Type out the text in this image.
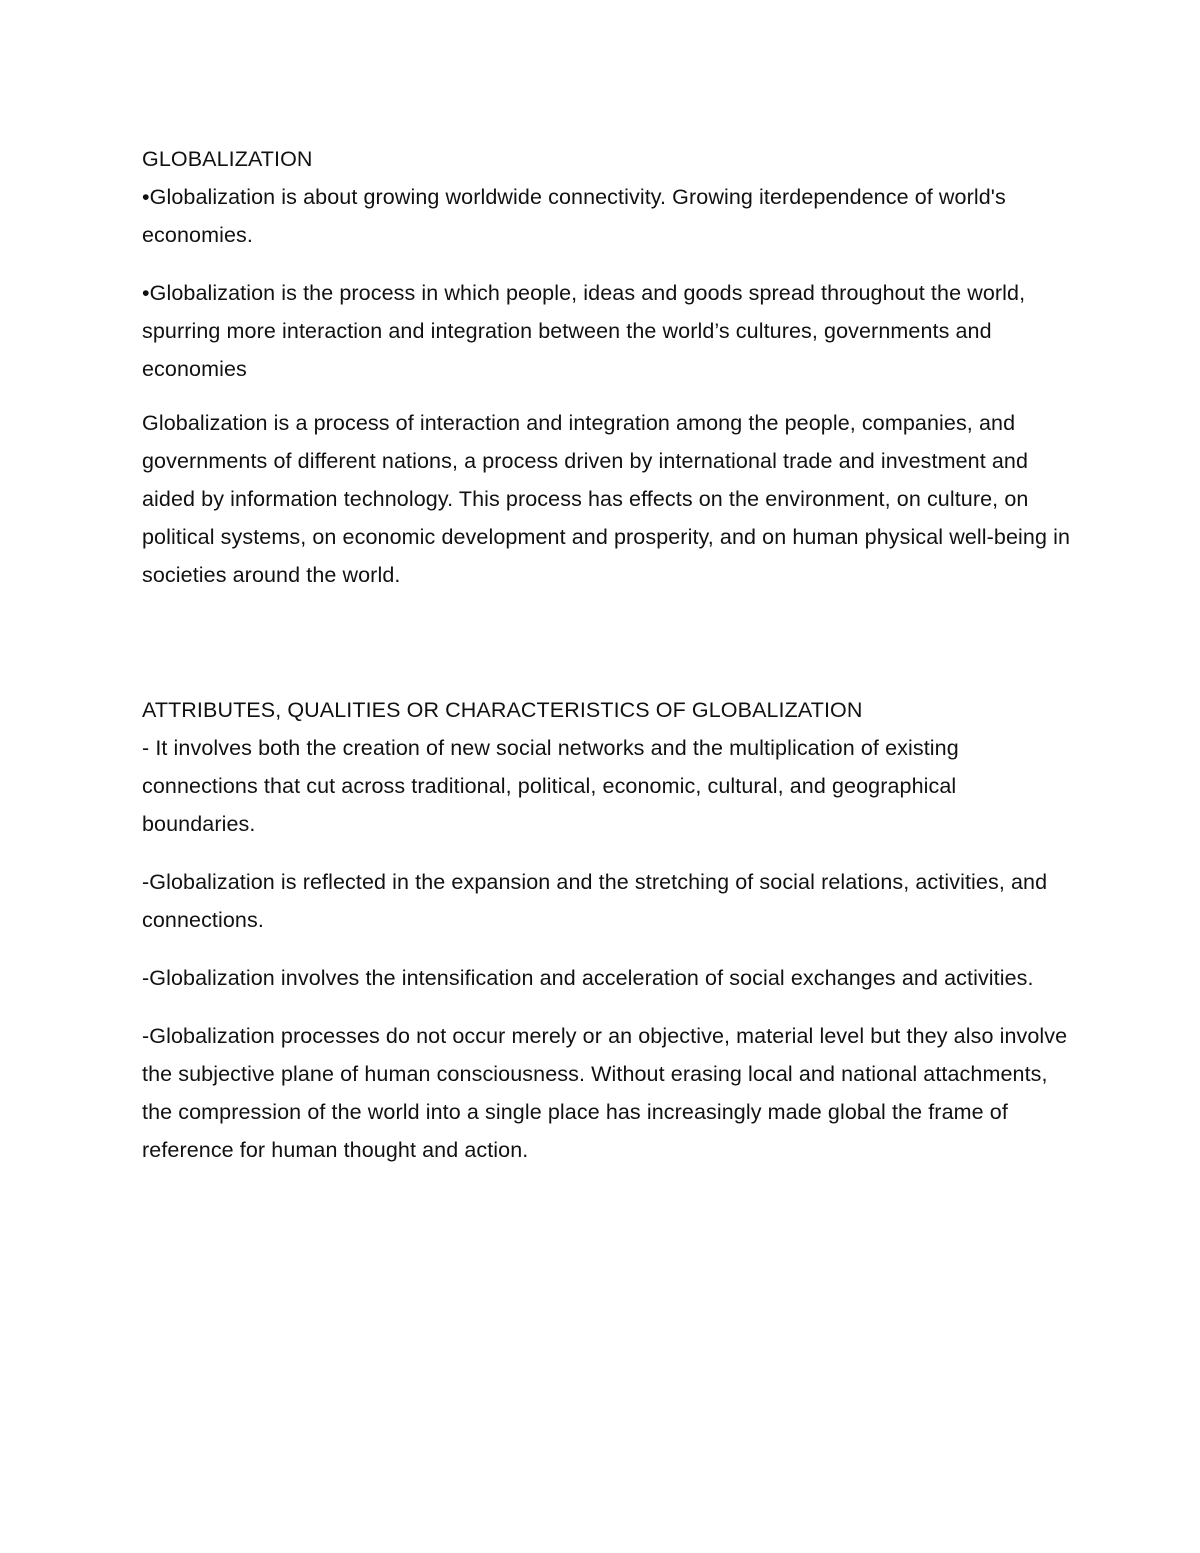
GLOBALIZATION

•Globalization is about growing worldwide connectivity. Growing iterdependence of world's economies.

•Globalization is the process in which people, ideas and goods spread throughout the world, spurring more interaction and integration between the world’s cultures, governments and economies

Globalization is a process of interaction and integration among the people, companies, and governments of different nations, a process driven by international trade and investment and aided by information technology. This process has effects on the environment, on culture, on political systems, on economic development and prosperity, and on human physical well-being in societies around the world.

ATTRIBUTES, QUALITIES OR CHARACTERISTICS OF GLOBALIZATION

- It involves both the creation of new social networks and the multiplication of existing connections that cut across traditional, political, economic, cultural, and geographical boundaries.

-Globalization is reflected in the expansion and the stretching of social relations, activities, and connections.

-Globalization involves the intensification and acceleration of social exchanges and activities.

-Globalization processes do not occur merely or an objective, material level but they also involve the subjective plane of human consciousness. Without erasing local and national attachments, the compression of the world into a single place has increasingly made global the frame of reference for human thought and action.
